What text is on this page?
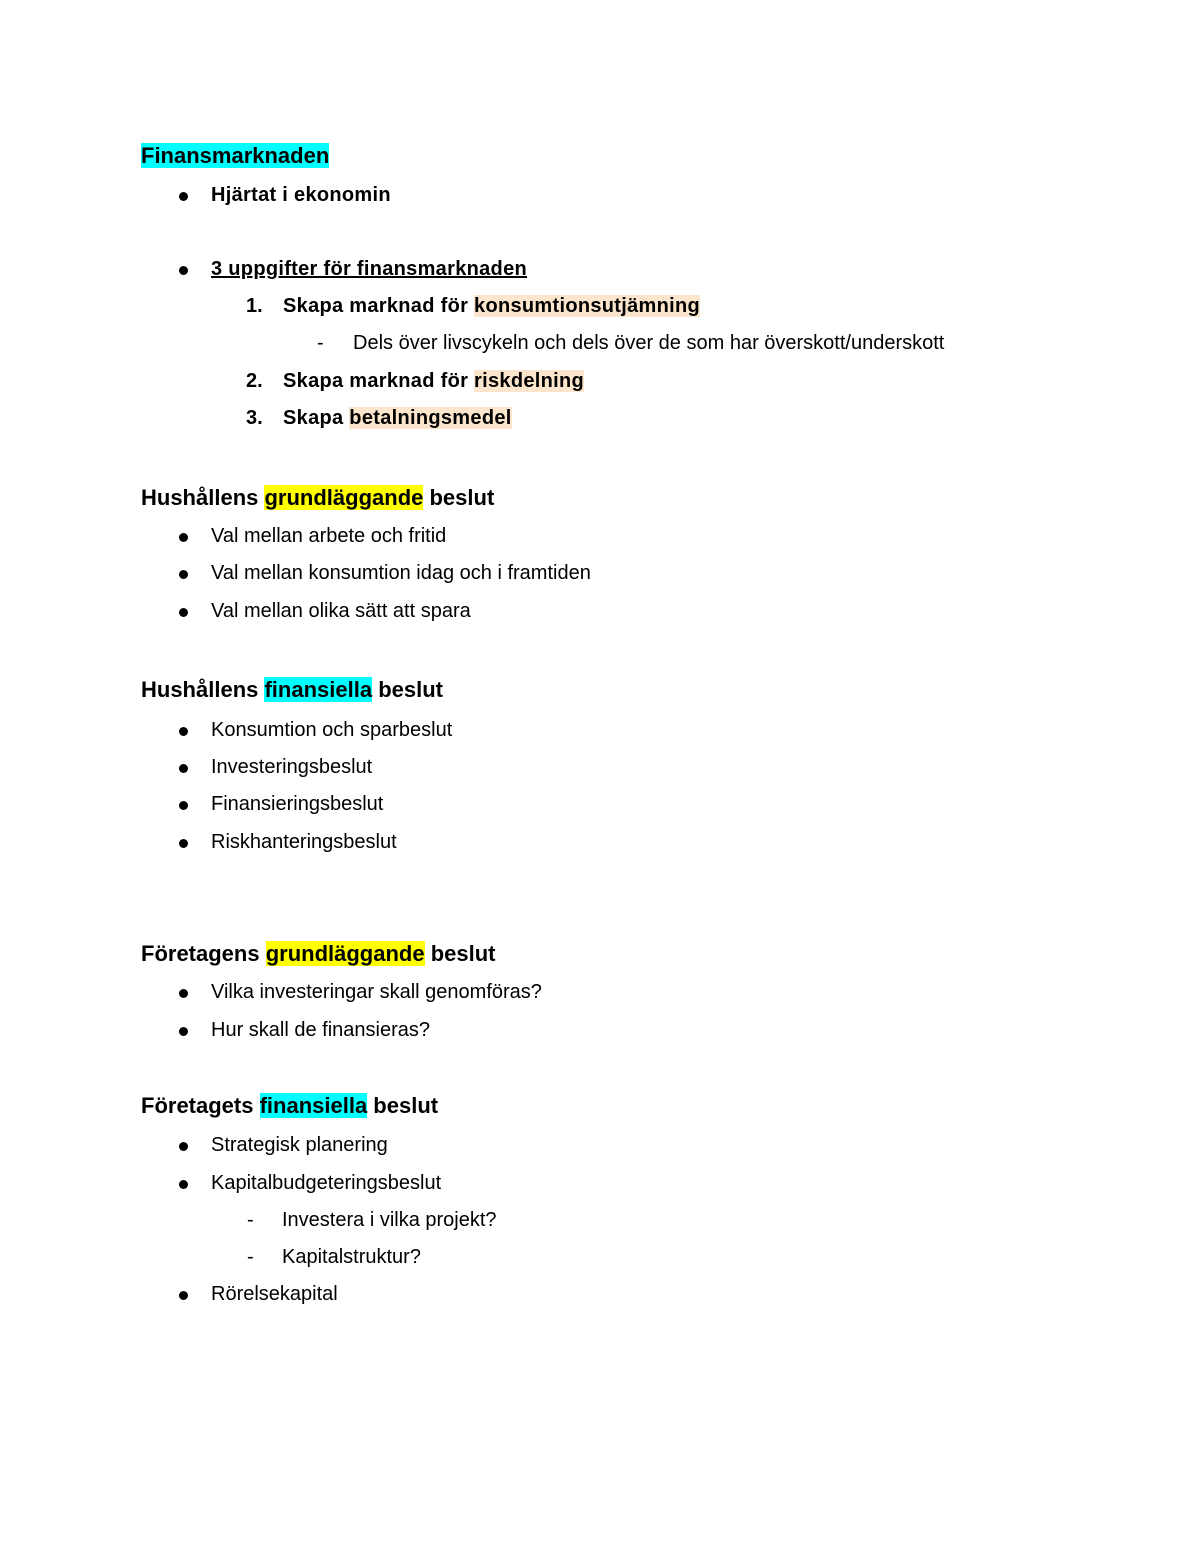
Finansmarknaden
Hjärtat i ekonomin
3 uppgifter för finansmarknaden
1. Skapa marknad för konsumtionsutjämning
- Dels över livscykeln och dels över de som har överskott/underskott
2. Skapa marknad för riskdelning
3. Skapa betalningsmedel
Hushållens grundläggande beslut
Val mellan arbete och fritid
Val mellan konsumtion idag och i framtiden
Val mellan olika sätt att spara
Hushållens finansiella beslut
Konsumtion och sparbeslut
Investeringsbeslut
Finansieringsbeslut
Riskhanteringsbeslut
Företagens grundläggande beslut
Vilka investeringar skall genomföras?
Hur skall de finansieras?
Företagets finansiella beslut
Strategisk planering
Kapitalbudgeteringsbeslut
- Investera i vilka projekt?
- Kapitalstruktur?
Rörelsekapital
